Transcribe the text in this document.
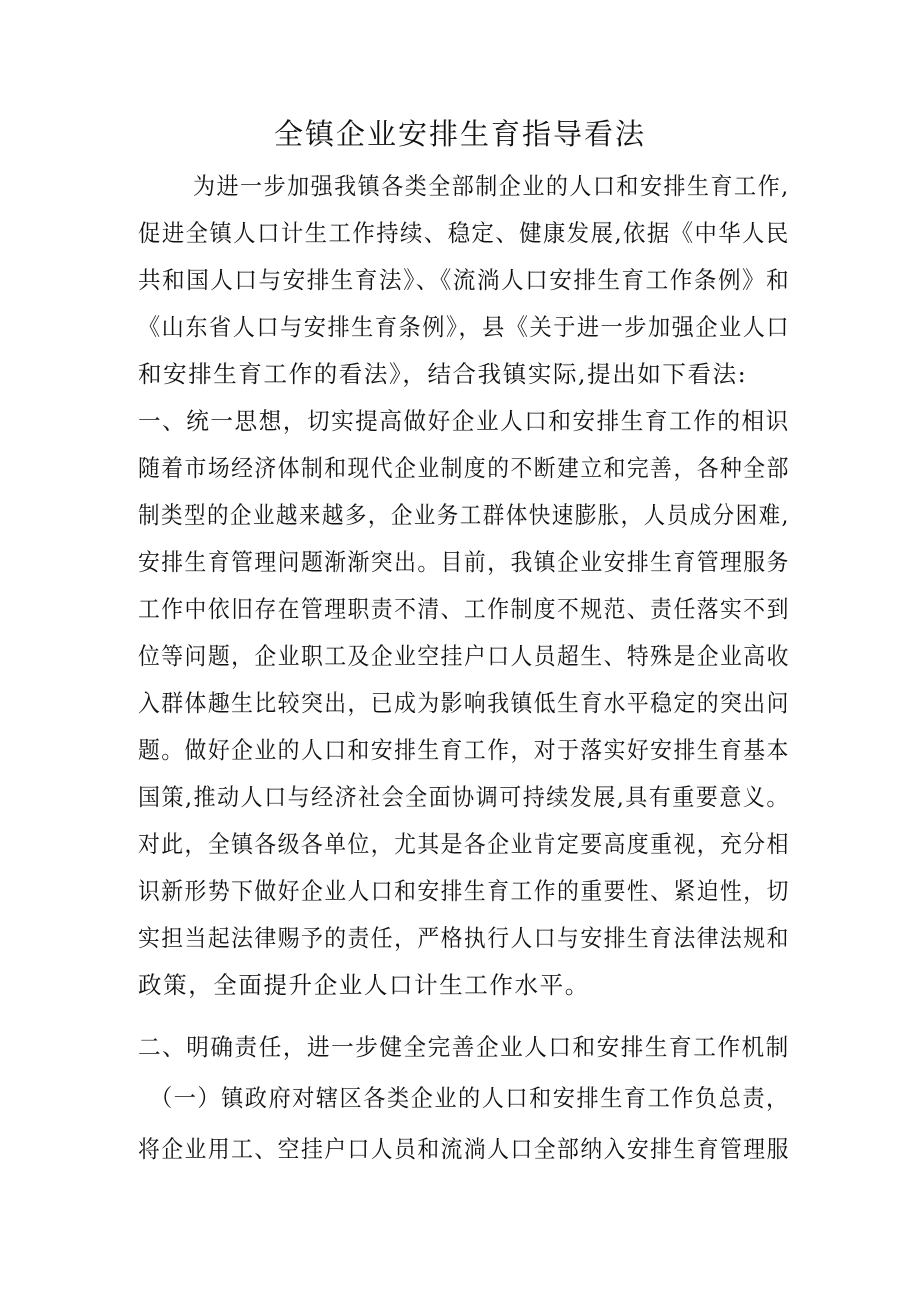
全镇企业安排生育指导看法
为进一步加强我镇各类全部制企业的人口和安排生育工作,
促进全镇人口计生工作持续、稳定、健康发展,依据《中华人民
共和国人口与安排生育法》、《流淌人口安排生育工作条例》和
《山东省人口与安排生育条例》，县《关于进一步加强企业人口
和安排生育工作的看法》，结合我镇实际,提出如下看法:
一、统一思想，切实提高做好企业人口和安排生育工作的相识
随着市场经济体制和现代企业制度的不断建立和完善，各种全部
制类型的企业越来越多，企业务工群体快速膨胀，人员成分困难,
安排生育管理问题渐渐突出。目前，我镇企业安排生育管理服务
工作中依旧存在管理职责不清、工作制度不规范、责任落实不到
位等问题，企业职工及企业空挂户口人员超生、特殊是企业高收
入群体趣生比较突出，已成为影响我镇低生育水平稳定的突出问
题。做好企业的人口和安排生育工作，对于落实好安排生育基本
国策,推动人口与经济社会全面协调可持续发展,具有重要意义。
对此，全镇各级各单位，尤其是各企业肯定要高度重视，充分相
识新形势下做好企业人口和安排生育工作的重要性、紧迫性，切
实担当起法律赐予的责任，严格执行人口与安排生育法律法规和
政策，全面提升企业人口计生工作水平。
二、明确责任，进一步健全完善企业人口和安排生育工作机制
（一）镇政府对辖区各类企业的人口和安排生育工作负总责，
将企业用工、空挂户口人员和流淌人口全部纳入安排生育管理服
